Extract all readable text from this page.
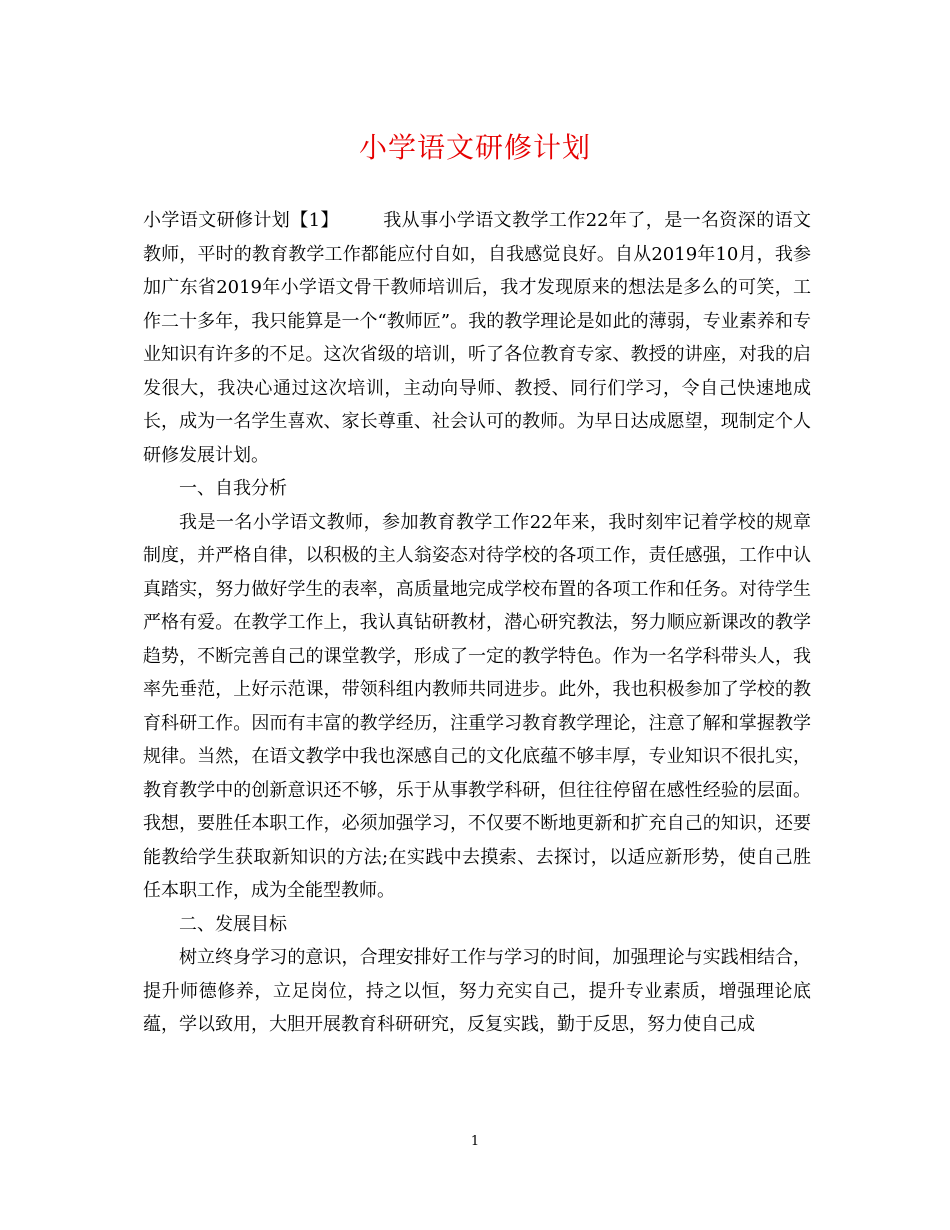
小学语文研修计划

小学语文研修计划【1】 我从事小学语文教学工作22年了，是一名资深的语文教师，平时的教育教学工作都能应付自如，自我感觉良好。自从2019年10月，我参加广东省2019年小学语文骨干教师培训后，我才发现原来的想法是多么的可笑，工作二十多年，我只能算是一个“教师匠”。我的教学理论是如此的薄弱，专业素养和专业知识有许多的不足。这次省级的培训，听了各位教育专家、教授的讲座，对我的启发很大，我决心通过这次培训，主动向导师、教授、同行们学习，令自己快速地成长，成为一名学生喜欢、家长尊重、社会认可的教师。为早日达成愿望，现制定个人研修发展计划。

一、自我分析

我是一名小学语文教师，参加教育教学工作22年来，我时刻牢记着学校的规章制度，并严格自律，以积极的主人翁姿态对待学校的各项工作，责任感强，工作中认真踏实，努力做好学生的表率，高质量地完成学校布置的各项工作和任务。对待学生严格有爱。在教学工作上，我认真钻研教材，潜心研究教法，努力顺应新课改的教学趋势，不断完善自己的课堂教学，形成了一定的教学特色。作为一名学科带头人，我率先垂范，上好示范课，带领科组内教师共同进步。此外，我也积极参加了学校的教育科研工作。因而有丰富的教学经历，注重学习教育教学理论，注意了解和掌握教学规律。当然，在语文教学中我也深感自己的文化底蕴不够丰厚，专业知识不很扎实，教育教学中的创新意识还不够，乐于从事教学科研，但往往停留在感性经验的层面。我想，要胜任本职工作，必须加强学习，不仅要不断地更新和扩充自己的知识，还要能教给学生获取新知识的方法;在实践中去摸索、去探讨，以适应新形势，使自己胜任本职工作，成为全能型教师。

二、发展目标

树立终身学习的意识，合理安排好工作与学习的时间，加强理论与实践相结合，提升师德修养，立足岗位，持之以恒，努力充实自己，提升专业素质，增强理论底蕴，学以致用，大胆开展教育科研研究，反复实践，勤于反思，努力使自己成

1
